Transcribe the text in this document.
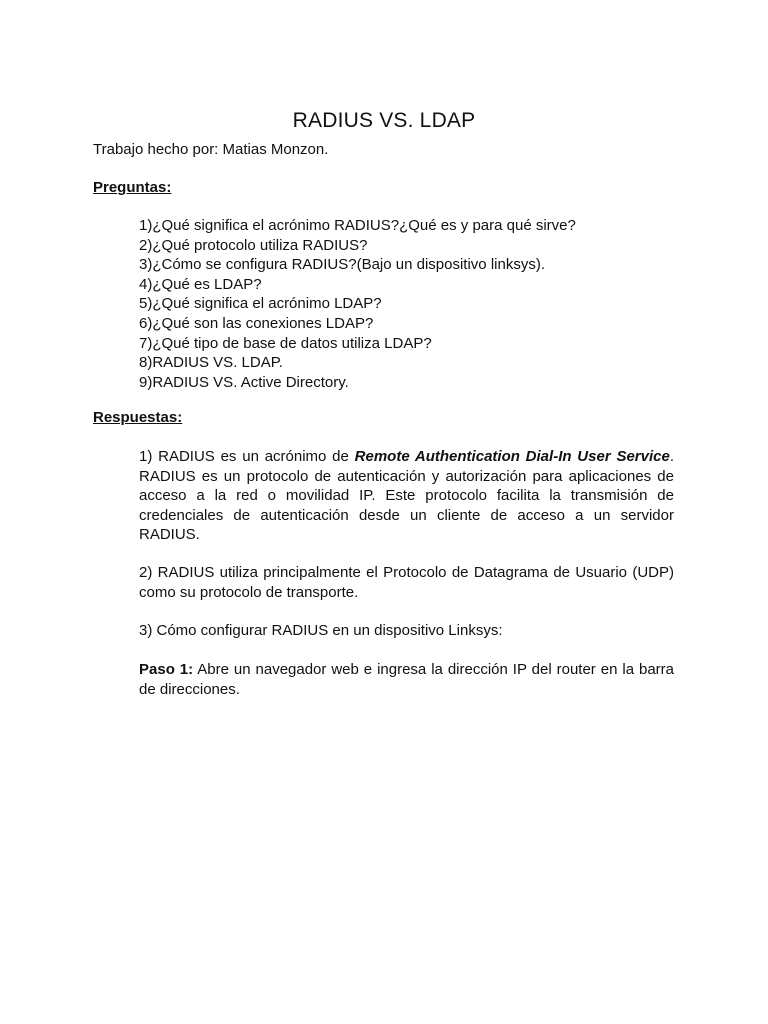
RADIUS VS. LDAP
Trabajo hecho por: Matias Monzon.
Preguntas:
1)¿Qué significa el acrónimo RADIUS?¿Qué es y para qué sirve?
2)¿Qué protocolo utiliza RADIUS?
3)¿Cómo se configura RADIUS?(Bajo un dispositivo linksys).
4)¿Qué es LDAP?
5)¿Qué significa el acrónimo LDAP?
6)¿Qué son las conexiones LDAP?
7)¿Qué tipo de base de datos utiliza LDAP?
8)RADIUS VS. LDAP.
9)RADIUS VS. Active Directory.
Respuestas:

1) RADIUS es un acrónimo de Remote Authentication Dial-In User Service. RADIUS es un protocolo de autenticación y autorización para aplicaciones de acceso a la red o movilidad IP. Este protocolo facilita la transmisión de credenciales de autenticación desde un cliente de acceso a un servidor RADIUS.

2) RADIUS utiliza principalmente el Protocolo de Datagrama de Usuario (UDP) como su protocolo de transporte.

3) Cómo configurar RADIUS en un dispositivo Linksys:

Paso 1: Abre un navegador web e ingresa la dirección IP del router en la barra de direcciones.
